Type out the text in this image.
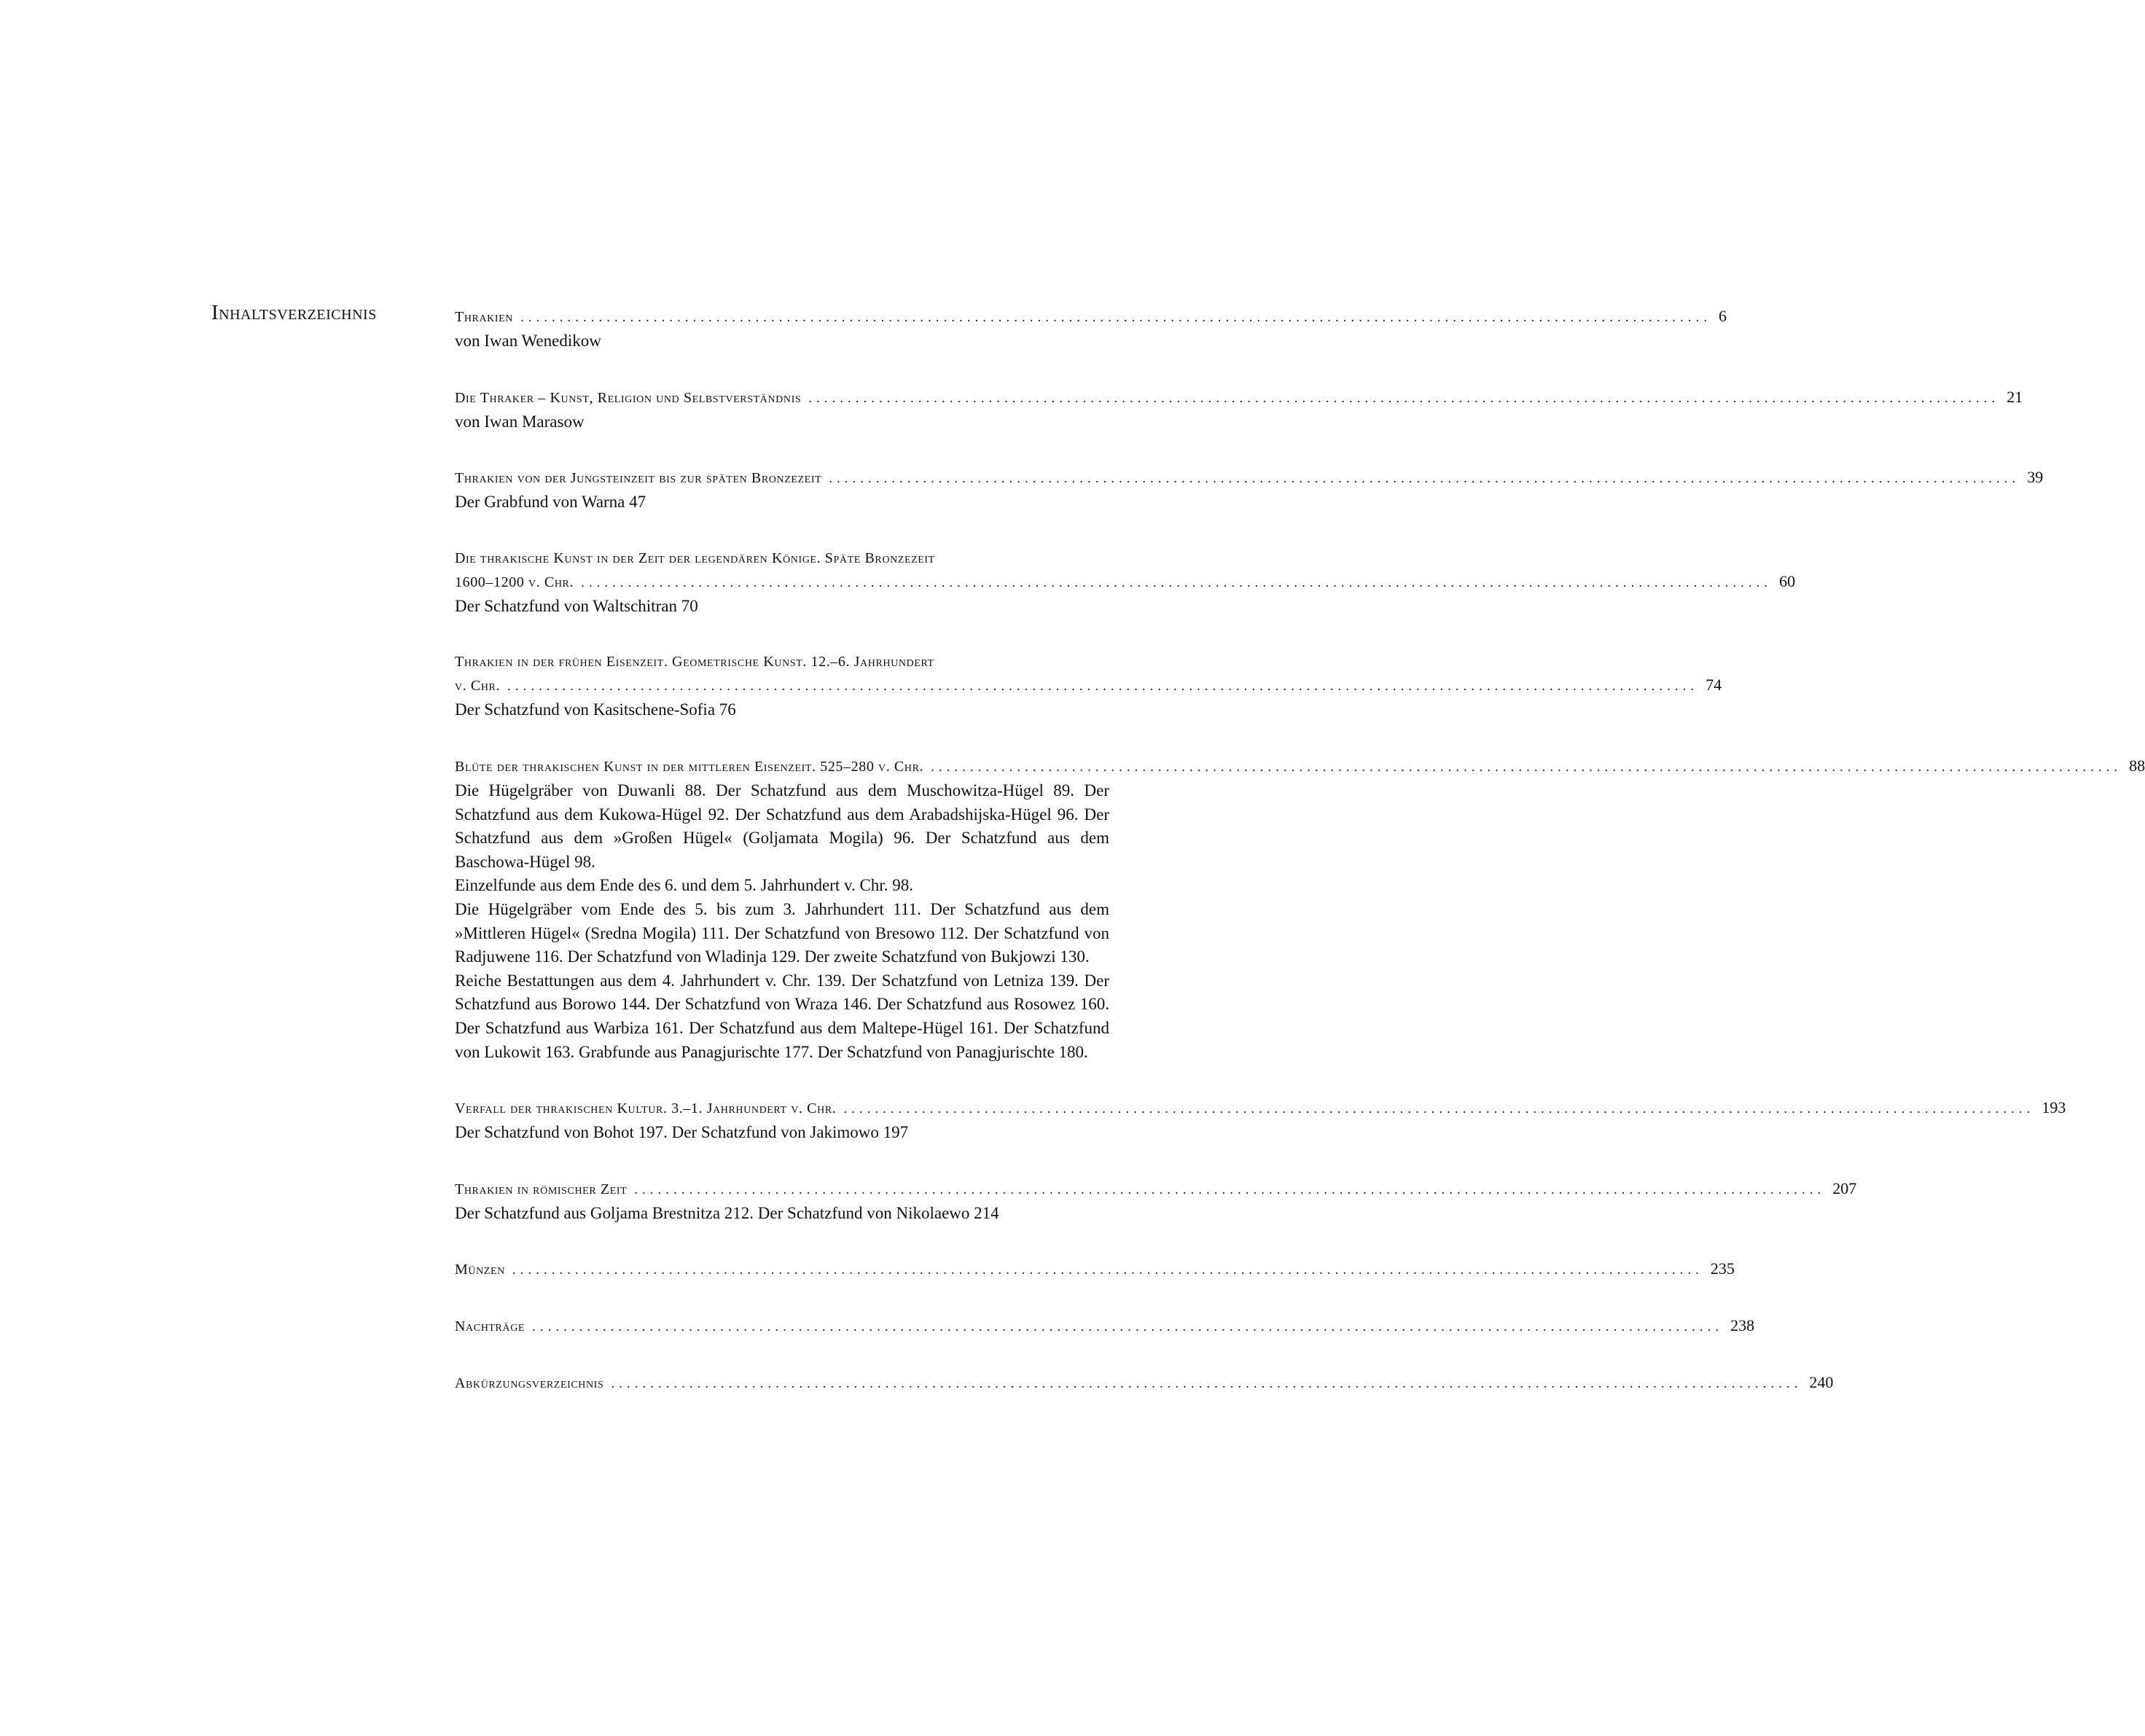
Inhaltsverzeichnis	Thrakien ........................................................................................................................................................ 6
von Iwan Wenedikow
Die Thraker – Kunst, Religion und Selbstverständnis ........................................................................................................................................................ 21
von Iwan Marasow
Thrakien von der Jungsteinzeit bis zur späten Bronzezeit ........................................................................................................................................................ 39
Der Grabfund von Warna 47
Die thrakische Kunst in der Zeit der legendären Könige. Späte Bronzezeit
1600–1200 v. Chr. ........................................................................................................................................................ 60
Der Schatzfund von Waltschitran 70
Thrakien in der frühen Eisenzeit. Geometrische Kunst. 12.–6. Jahrhundert
v. Chr. ........................................................................................................................................................ 74
Der Schatzfund von Kasitschene-Sofia 76
Blüte der thrakischen Kunst in der mittleren Eisenzeit. 525–280 v. Chr. ........................................................................................................................................................ 88
Die Hügelgräber von Duwanli 88. Der Schatzfund aus dem Muschowitza-Hügel 89. Der Schatzfund aus dem Kukowa-Hügel 92. Der Schatzfund aus dem Arabadshijska-Hügel 96. Der Schatzfund aus dem »Großen Hügel« (Goljamata Mogila) 96. Der Schatzfund aus dem Baschowa-Hügel 98.
Einzelfunde aus dem Ende des 6. und dem 5. Jahrhundert v. Chr. 98.
Die Hügelgräber vom Ende des 5. bis zum 3. Jahrhundert 111. Der Schatzfund aus dem »Mittleren Hügel« (Sredna Mogila) 111. Der Schatzfund von Bresowo 112. Der Schatzfund von Radjuwene 116. Der Schatzfund von Wladinja 129. Der zweite Schatzfund von Bukjowzi 130.
Reiche Bestattungen aus dem 4. Jahrhundert v. Chr. 139. Der Schatzfund von Letniza 139. Der Schatzfund aus Borowo 144. Der Schatzfund von Wraza 146. Der Schatzfund aus Rosowez 160. Der Schatzfund aus Warbiza 161. Der Schatzfund aus dem Maltepe-Hügel 161. Der Schatzfund von Lukowit 163. Grabfunde aus Panagjurischte 177. Der Schatzfund von Panagjurischte 180.
Verfall der thrakischen Kultur. 3.–1. Jahrhundert v. Chr. ........................................................................................................................................................ 193
Der Schatzfund von Bohot 197. Der Schatzfund von Jakimowo 197
Thrakien in römischer Zeit ........................................................................................................................................................ 207
Der Schatzfund aus Goljama Brestnitza 212. Der Schatzfund von Nikolaewo 214
Münzen ........................................................................................................................................................ 235
Nachträge ........................................................................................................................................................ 238
Abkürzungsverzeichnis ........................................................................................................................................................ 240
